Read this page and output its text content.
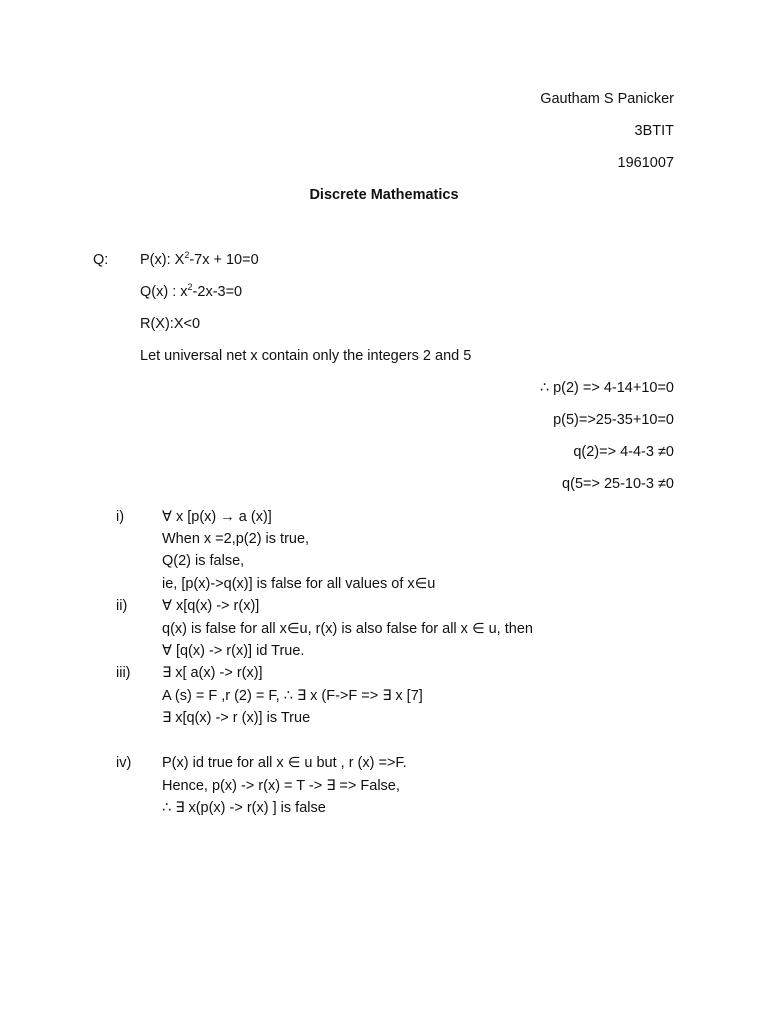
Gautham S Panicker
3BTIT
1961007
Discrete Mathematics
Q: P(x): $X^2-7x + 10=0$
Q(x) : $x^2-2x-3=0$
R(X):X<0
Let universal net x contain only the integers 2 and 5
∴ p(2) => 4-14+10=0
p(5)=>25-35+10=0
q(2)=> 4-4-3 ≠0
q(5=> 25-10-3 ≠0
i)	∀ x [p(x) → a (x)]
When x =2,p(2) is true,
Q(2) is false,
ie, [p(x)->q(x)] is false for all values of x∈u
ii) ∀ x[q(x) -> r(x)]
q(x) is false for all x∈u, r(x) is also false for all x ∈ u, then
∀ [q(x) -> r(x)] id True.
iii) ∃ x[ a(x) -> r(x)]
A (s) = F ,r (2) = F, ∴ ∃ x (F->F => ∃ x [7]
∃ x[q(x) -> r (x)] is True
iv) P(x) id true for all x ∈ u but , r (x) =>F.
Hence, p(x) -> r(x) = T -> ∃ => False,
∴ ∃ x(p(x) -> r(x) ] is false
